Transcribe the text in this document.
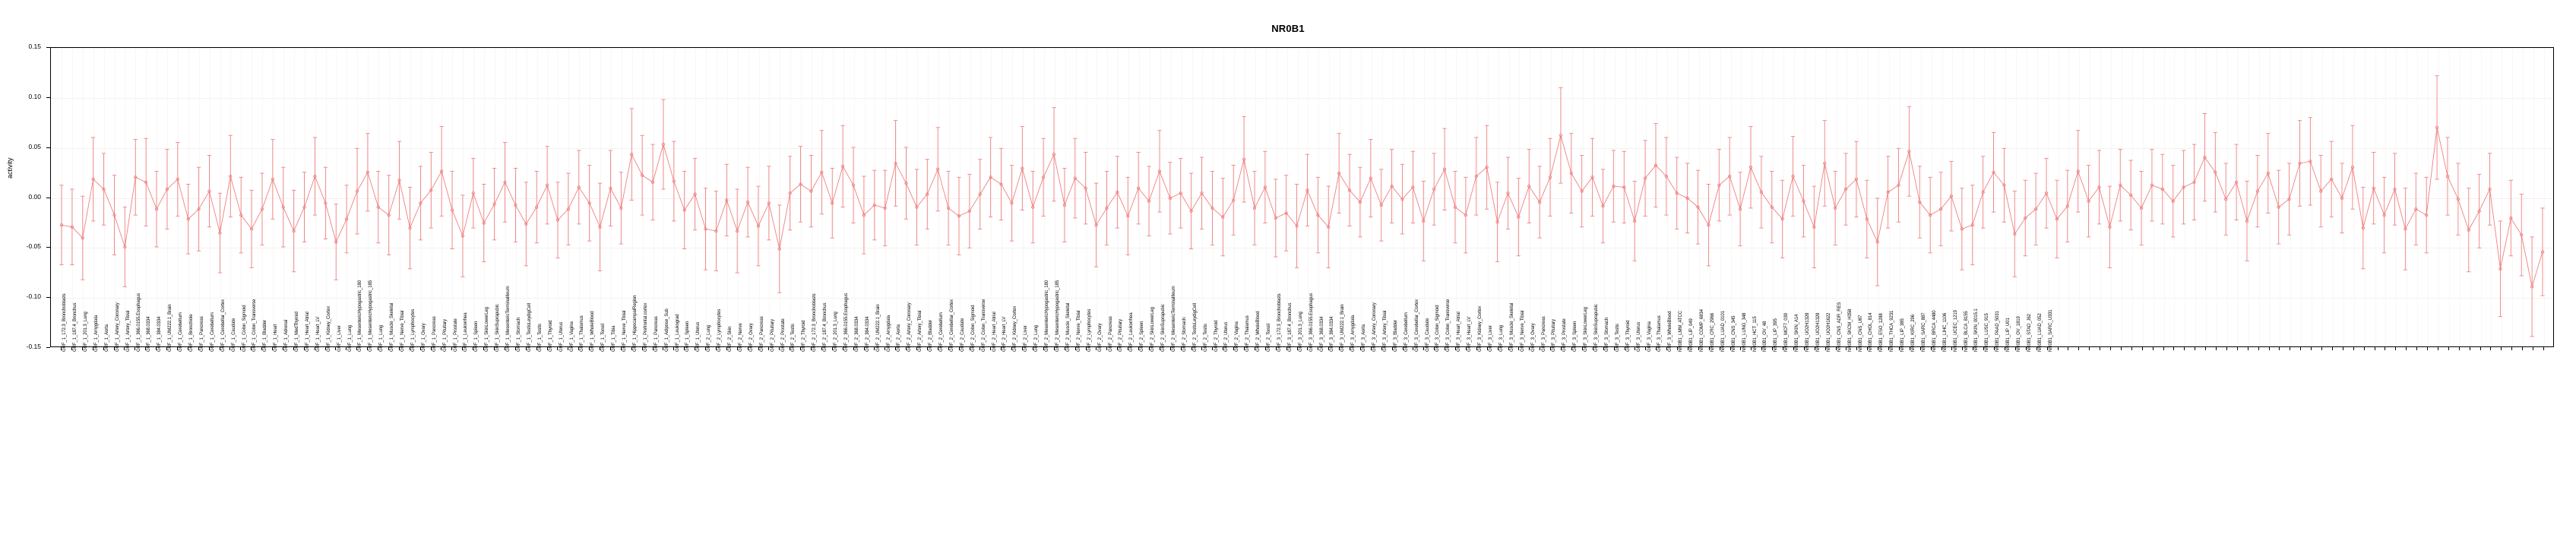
NR0B1
activity
-0.15
-0.10
-0.05
0.00
0.05
0.10
0.15
GRF_1_172.3_Bronchoblasts GRF_1_187.4_Bronchus GRF_1_201.3_Lung GRF_1_Amygdala GRF_1_Aorta GRF_1_Artery_Coronary GRF_1_Artery_Tibial GRF_1_366.0155.Esophagus GRF_1_368.0334 GRF_1_384.0334 GRF_1_UM222.1_Brain GRF_1_Cerebellum GRF_1_Bronchiole GRF_1_Pancreas GRF_1_Cerebellum GRF_1_Cerebellar_Cortex GRF_1_Caudate GRF_1_Colon_Sigmoid GRF_1_Colon_Transverse GRF_1_Bladder GRF_1_Heart GRF_1_Adrenal GRF_1_MedThyroid GRF_1_Heart_Atrial GRF_1_Heart_LV GRF_1_Kidney_Cortex GRF_1_Liver GRF_1_Lung GRF_1_MesentericHypogastric_180 GRF_1_MesentericHypogastric_185 GRF_1_Lung GRF_1_Muscle_Skeletal GRF_1_Nerve_Tibial GRF_1_Lymphocytes GRF_1_Ovary GRF_1_Pancreas GRF_1_Pituitary GRF_1_Prostate GRF_1_Leukorrhea GRF_1_Spleen GRF_1_SkinLowerLeg GRF_1_SkinSuprapubic GRF_1_MesentericTerminalIleum GRF_1_Stomach GRF_1_TestisLeydigCell GRF_1_Testis GRF_1_Thyroid GRF_1_Uterus GRF_1_Vagina GRF_1_Thalamus GRF_1_WholeBlood GRF_1_Tonsil GRF_1_Tibia GRF_1_Nerve_Tibial GRF_1_HippocampalRegion GRF_1_Prefrontal.cortex GRF_1_Pancreas GRF_1_Adipose_Sub GRF_1_Leukograd GRF_1_Spleen GRF_1_Uterus GRF_2_Lung GRF_2_Lymphocytes GRF_2_Skin GRF_2_Nerve GRF_2_Ovary GRF_2_Pancreas GRF_2_Pituitary GRF_2_Prostate GRF_2_Testis GRF_2_Thyroid GRF_2_172.3_Bronchoblasts GRF_2_187.4_Bronchus GRF_2_201.3_Lung GRF_2_366.0155.Esophagus GRF_2_368.0334 GRF_2_384.0334 GRF_2_UM222.1_Brain GRF_2_Amygdala GRF_2_Aorta GRF_2_Artery_Coronary GRF_2_Artery_Tibial GRF_2_Bladder GRF_2_Cerebellum GRF_2_Cerebellar_Cortex GRF_2_Caudate GRF_2_Colon_Sigmoid GRF_2_Colon_Transverse GRF_2_Heart_Atrial GRF_2_Heart_LV GRF_2_Kidney_Cortex GRF_2_Liver GRF_2_Lung GRF_2_MesentericHypogastric_180 GRF_2_MesentericHypogastric_185 GRF_2_Muscle_Skeletal GRF_2_Nerve_Tibial GRF_2_Lymphocytes GRF_2_Ovary GRF_2_Pancreas GRF_2_Pituitary GRF_2_Leukorrhea GRF_2_Spleen GRF_2_SkinLowerLeg GRF_2_SkinSuprapubic GRF_2_MesentericTerminalIleum GRF_2_Stomach GRF_2_TestisLeydigCell GRF_2_Testis GRF_2_Thyroid GRF_2_Uterus GRF_2_Vagina GRF_2_Thalamus GRF_2_WholeBlood GRF_2_Tonsil GRF_3_172.3_Bronchoblasts GRF_3_187.4_Bronchus GRF_3_201.3_Lung GRF_3_366.0155.Esophagus GRF_3_368.0334 GRF_3_384.0334 GRF_3_UM222.1_Brain GRF_3_Amygdala GRF_3_Aorta GRF_3_Artery_Coronary GRF_3_Artery_Tibial GRF_3_Bladder GRF_3_Cerebellum GRF_3_Cerebellar_Cortex GRF_3_Caudate GRF_3_Colon_Sigmoid GRF_3_Colon_Transverse GRF_3_Heart_Atrial GRF_3_Heart_LV GRF_3_Kidney_Cortex GRF_3_Liver GRF_3_Lung GRF_3_Muscle_Skeletal GRF_3_Nerve_Tibial GRF_3_Ovary GRF_3_Pancreas GRF_3_Pituitary GRF_3_Prostate GRF_3_Spleen GRF_3_SkinLowerLeg GRF_3_SkinSuprapubic GRF_3_Stomach GRF_3_Testis GRF_3_Thyroid GRF_3_Uterus GRF_3_Vagina GRF_3_Thalamus GRF_3_WholeBlood NR0B1_LMM_ATCC NR0B1_LIP_049 NR0B1_COMP_6834 NR0B1_CRC_2966 NR0B1_LUAD_0101 NR0B1_CNS_345 NR0B1_LUNG_348 NR0B1_HCT_115 NR0B1_OV_48 NR0B1_LIP_395 NR0B1_MCF7_039 NR0B1_SKIN_A14 NR0B1_UO2H1328 NR0B1_UO2H1328 NR0B1_UO2H1622 NR0B1_CNS_ADR_RES NR0B1_SKCM_H358 NR0B1_CNS_U87 NR0B1_CHOL_814 NR0B1_ESO_1288 NR0B1_THCA_9231 NR0B1_LIP_385 NR0B1_KIRC_296 NR0B1_SARC_887 NR0B1_BRCA_4480 NR0B1_LIHC_1106 NR0B1_UCEC_1219 NR0B1_BLCA_8155 NR0B1_SKIN_0015.1 NR0B1_LUSC_915 NR0B1_PAAD_5031 NR0B1_LIP_U01 NR0B1_OV_1819 NR0B1_STAD_J62 NR0B1_LUAD_052 NR0B1_SARC_U331
